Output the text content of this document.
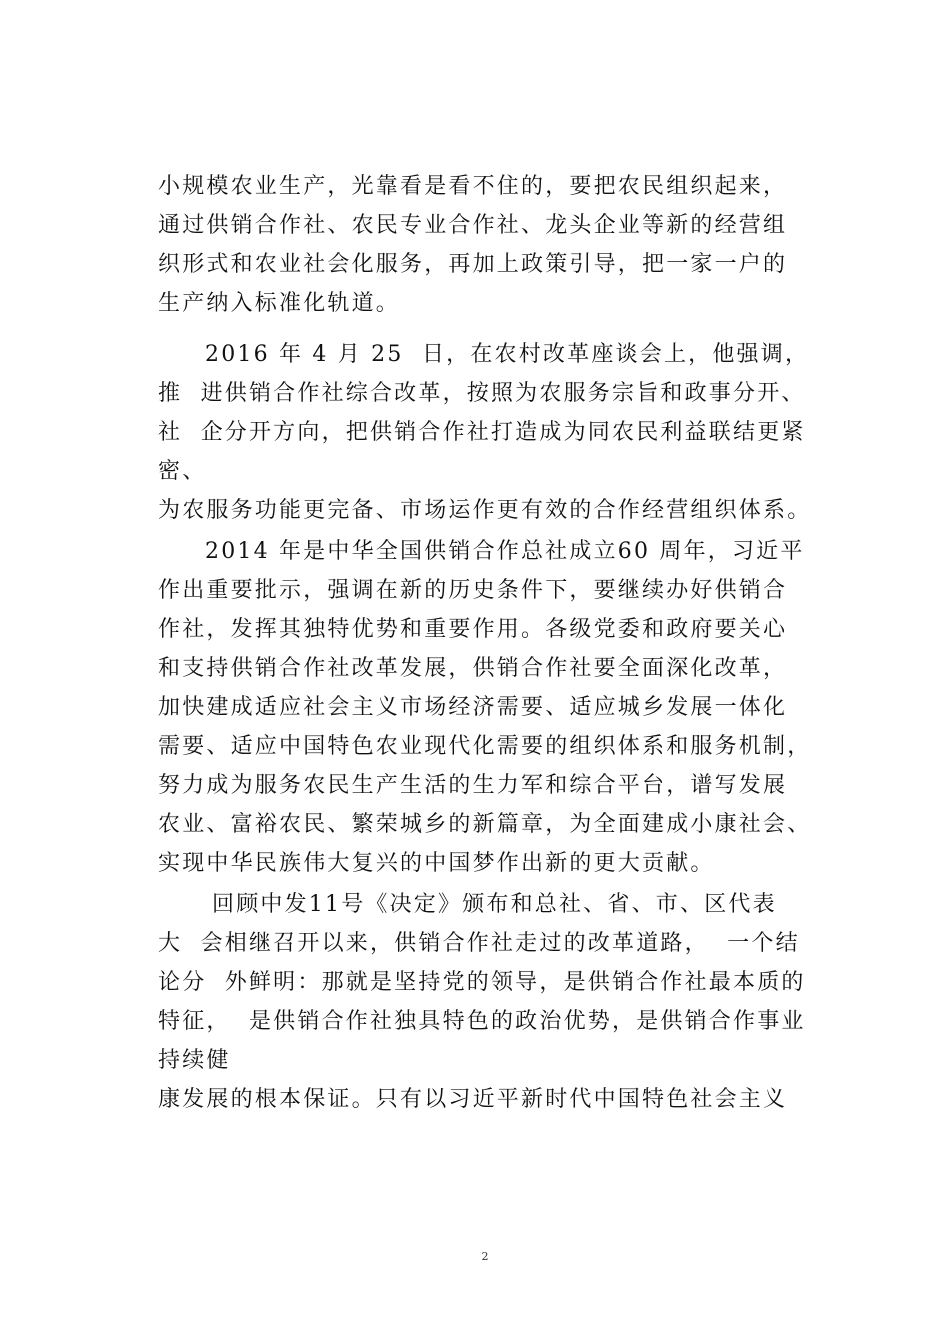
小规模农业生产，光靠看是看不住的，要把农民组织起来，
通过供销合作社、农民专业合作社、龙头企业等新的经营组
织形式和农业社会化服务，再加上政策引导，把一家一户的
生产纳入标准化轨道。
2016 年 4 月 25  日，在农村改革座谈会上，他强调，
推  进供销合作社综合改革，按照为农服务宗旨和政事分开、
社  企分开方向，把供销合作社打造成为同农民利益联结更紧
密、
为农服务功能更完备、市场运作更有效的合作经营组织体系。
2014 年是中华全国供销合作总社成立60 周年，习近平
作出重要批示，强调在新的历史条件下，要继续办好供销合
作社，发挥其独特优势和重要作用。各级党委和政府要关心
和支持供销合作社改革发展，供销合作社要全面深化改革，
加快建成适应社会主义市场经济需要、适应城乡发展一体化
需要、适应中国特色农业现代化需要的组织体系和服务机制，
努力成为服务农民生产生活的生力军和综合平台，谱写发展
农业、富裕农民、繁荣城乡的新篇章，为全面建成小康社会、
实现中华民族伟大复兴的中国梦作出新的更大贡献。
回顾中发11号《决定》颁布和总社、省、市、区代表
大  会相继召开以来，供销合作社走过的改革道路，  一个结
论分  外鲜明：那就是坚持党的领导，是供销合作社最本质的
特征，  是供销合作社独具特色的政治优势，是供销合作事业
持续健
康发展的根本保证。只有以习近平新时代中国特色社会主义
2
